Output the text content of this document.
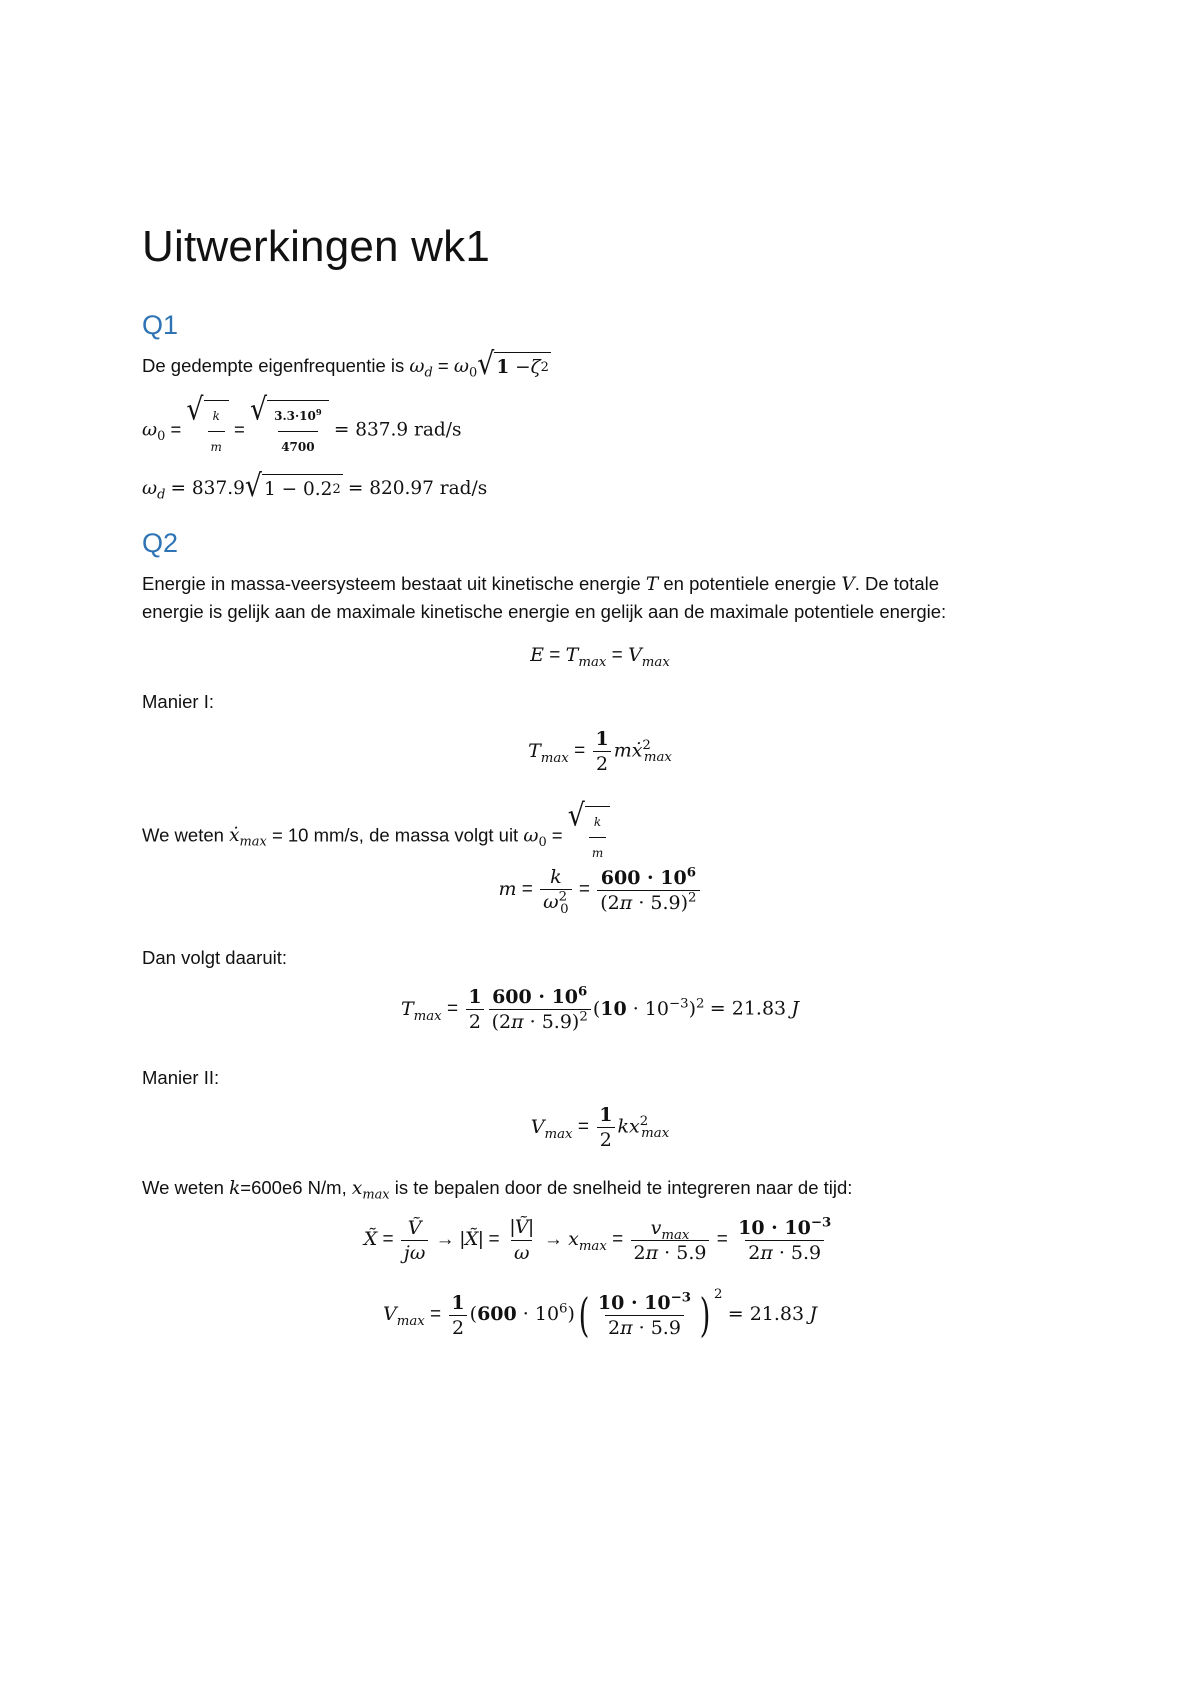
Uitwerkingen wk1
Q1
De gedempte eigenfrequentie is $\omega_d = \omega_0$ √ 1 − ζ 2
$\omega_0$ =
√ $\frac{k}{m}$ =
√ $\frac{3.3\cdot 10^9}{4700} = 837.9$ rad/s
$\omega_d = 837.9$ √ 1 − 0.2 2 = 820.97 rad/s
Q2
Energie in massa-veersysteem bestaat uit kinetische energie T en potentiele energie V. De totale
energie is gelijk aan de maximale kinetische energie en gelijk aan de maximale potentiele energie:
$E = T_{max} = V_{max}$
Manier I:
$T_{max} = \frac{1}{2}$ mẋ$^2_{max}$
We weten ẋ$_{max}$ = 10 mm/s, de massa volgt uit $\omega_0$ =
√ $\frac{k}{m}$
$m = \frac{k}{\omega^2_0} = \frac{600 \cdot 10^6}{(2\pi \cdot 5.9)^2}$
Dan volgt daaruit:
$T_{max} = \frac{1}{2} \frac{600 \cdot 10^6}{(2\pi \cdot 5.9)^2} (10 \cdot 10^{-3})^2 = 21.83$ J
Manier II:
$V_{max} = \frac{1}{2} kx^2_{max}$
We weten k=600e6 N/m, $x_{max}$ is te bepalen door de snelheid te integreren naar de tijd:
X̃ = $\frac{\text{Ṽ}}{j\omega}$ → |X̃| = $\frac{\text{|Ṽ|}}{\omega} \to x_{max} = \frac{v_{max}}{2\pi \cdot 5.9} = \frac{10 \cdot 10^{-3}}{2\pi \cdot 5.9}$
$V_{max} = \frac{1}{2} (600 \cdot 10^6)( \frac{10 \cdot 10^{-3}}{2\pi \cdot 5.9}$ ) $^2$ = 21.83 J
